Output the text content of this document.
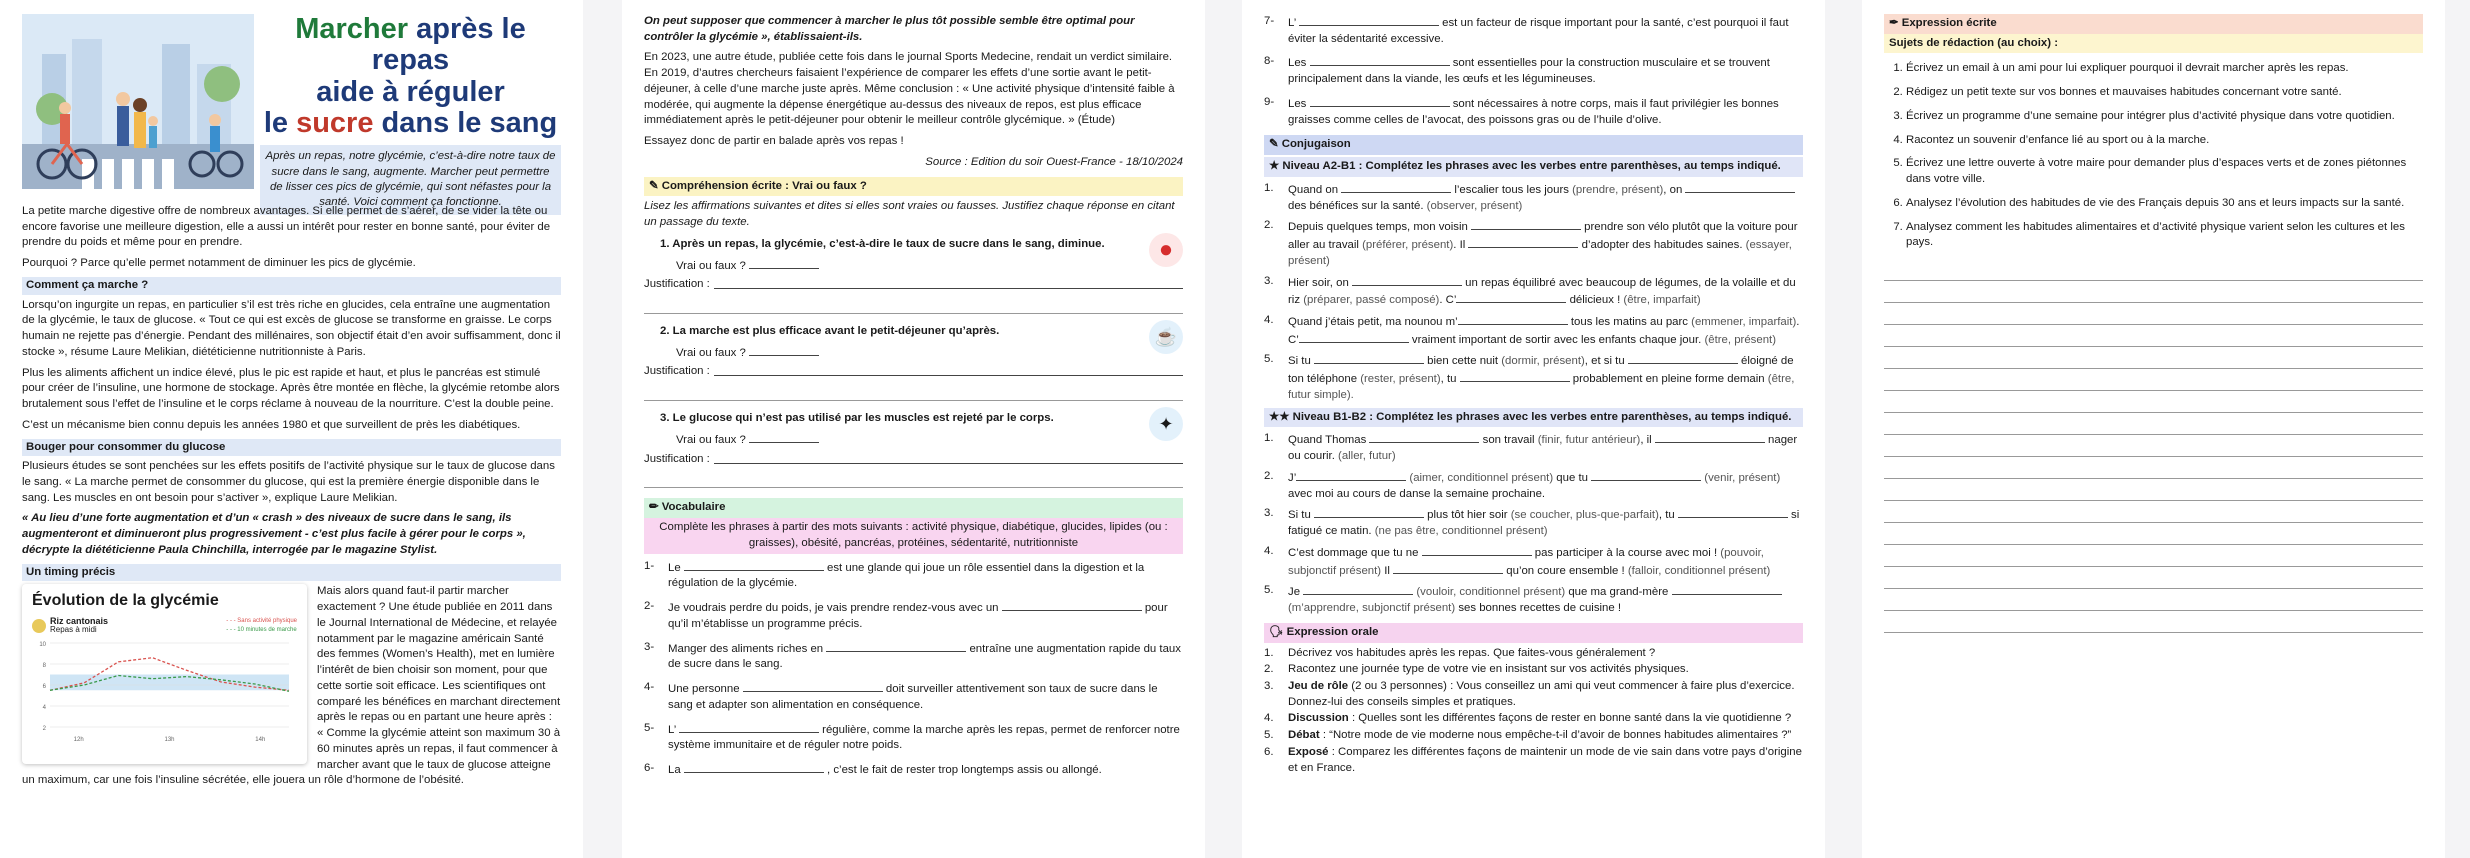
Marcher après le repas
aide à réguler
le sucre dans le sang
Après un repas, notre glycémie, c’est-à-dire notre taux de sucre dans le sang, augmente. Marcher peut permettre de lisser ces pics de glycémie, qui sont néfastes pour la santé. Voici comment ça fonctionne.

La petite marche digestive offre de nombreux avantages. Si elle permet de s’aérer, de se vider la tête ou encore favorise une meilleure digestion, elle a aussi un intérêt pour rester en bonne santé, pour éviter de prendre du poids et même pour en prendre.

Pourquoi ? Parce qu’elle permet notamment de diminuer les pics de glycémie.

Comment ça marche ?

Lorsqu’on ingurgite un repas, en particulier s’il est très riche en glucides, cela entraîne une augmentation de la glycémie, le taux de glucose. « Tout ce qui est excès de glucose se transforme en graisse. Le corps humain ne rejette pas d’énergie. Pendant des millénaires, son objectif était d’en avoir suffisamment, donc il stocke », résume Laure Melikian, diététicienne nutritionniste à Paris.

Plus les aliments affichent un indice élevé, plus le pic est rapide et haut, et plus le pancréas est stimulé pour créer de l’insuline, une hormone de stockage. Après être montée en flèche, la glycémie retombe alors brutalement sous l’effet de l’insuline et le corps réclame à nouveau de la nourriture. C’est la double peine.

C’est un mécanisme bien connu depuis les années 1980 et que surveillent de près les diabétiques.

Bouger pour consommer du glucose

Plusieurs études se sont penchées sur les effets positifs de l’activité physique sur le taux de glucose dans le sang. « La marche permet de consommer du glucose, qui est la première énergie disponible dans le sang. Les muscles en ont besoin pour s’activer », explique Laure Melikian.

« Au lieu d’une forte augmentation et d’un « crash » des niveaux de sucre dans le sang, ils augmenteront et diminueront plus progressivement - c’est plus facile à gérer pour le corps », décrypte la diététicienne Paula Chinchilla, interrogée par le magazine Stylist.

Un timing précis
Évolution de la glycémie
Riz cantonais
Repas à midi
- - - Sans activité physique
- - - 10 minutes de marche
2
4
6
8
10
12h	13h	14h

Mais alors quand faut-il partir marcher exactement ? Une étude publiée en 2011 dans le Journal International de Médecine, et relayée notamment par le magazine américain Santé des femmes (Women’s Health), met en lumière l’intérêt de bien choisir son moment, pour que cette sortie soit efficace. Les scientifiques ont comparé les bénéfices en marchant directement après le repas ou en partant une heure après : « Comme la glycémie atteint son maximum 30 à 60 minutes après un repas, il faut commencer à marcher avant que le taux de glucose atteigne un maximum, car une fois l’insuline sécrétée, elle jouera un rôle d’hormone de l’obésité.

On peut supposer que commencer à marcher le plus tôt possible semble être optimal pour contrôler la glycémie », établissaient-ils.

En 2023, une autre étude, publiée cette fois dans le journal Sports Medecine, rendait un verdict similaire. En 2019, d’autres chercheurs faisaient l’expérience de comparer les effets d’une sortie avant le petit-déjeuner, à celle d’une marche juste après. Même conclusion : « Une activité physique d’intensité faible à modérée, qui augmente la dépense énergétique au-dessus des niveaux de repos, est plus efficace immédiatement après le petit-déjeuner pour obtenir le meilleur contrôle glycémique. » (Étude)

Essayez donc de partir en balade après vos repas !

Source : Edition du soir Ouest-France - 18/10/2024

✎ Compréhension écrite : Vrai ou faux ?

Lisez les affirmations suivantes et dites si elles sont vraies ou fausses. Justifiez chaque réponse en citant un passage du texte.

1. Après un repas, la glycémie, c’est-à-dire le taux de sucre dans le sang, diminue.
Vrai ou faux ?
Justification :
●
2. La marche est plus efficace avant le petit-déjeuner qu’après.
Vrai ou faux ?
Justification :
☕
3. Le glucose qui n’est pas utilisé par les muscles est rejeté par le corps.
Vrai ou faux ?
Justification :
✦
✏ Vocabulaire
Complète les phrases à partir des mots suivants : activité physique, diabétique, glucides, lipides (ou : graisses), obésité, pancréas, protéines, sédentarité, nutritionniste
1-	Le	est une glande qui joue un rôle essentiel dans la digestion et la régulation de la glycémie.
2-	Je voudrais perdre du poids, je vais prendre rendez-vous avec un	pour qu’il m’établisse un programme précis.
3-	Manger des aliments riches en	entraîne une augmentation rapide du taux de sucre dans le sang.
4-	Une personne	doit surveiller attentivement son taux de sucre dans le sang et adapter son alimentation en conséquence.
5-	L’	régulière, comme la marche après les repas, permet de renforcer notre système immunitaire et de réguler notre poids.
6-	La	, c’est le fait de rester trop longtemps assis ou allongé.
7-	L’	est un facteur de risque important pour la santé, c’est pourquoi il faut éviter la sédentarité excessive.
8-	Les	sont essentielles pour la construction musculaire et se trouvent principalement dans la viande, les œufs et les légumineuses.
9-	Les	sont nécessaires à notre corps, mais il faut privilégier les bonnes graisses comme celles de l’avocat, des poissons gras ou de l’huile d’olive.
✎ Conjugaison
★ Niveau A2-B1 : Complétez les phrases avec les verbes entre parenthèses, au temps indiqué.
1.	Quand on	l’escalier tous les jours (prendre, présent), on  des bénéfices sur la santé. (observer, présent)
2.	Depuis quelques temps, mon voisin	prendre son vélo plutôt que la voiture pour aller au travail (préférer, présent). Il	d’adopter des habitudes saines. (essayer, présent)
3.	Hier soir, on	un repas équilibré avec beaucoup de légumes, de la volaille et du riz (préparer, passé composé). C’	délicieux ! (être, imparfait)
4.	Quand j’étais petit, ma nounou m’	tous les matins au parc (emmener, imparfait). C’	vraiment important de sortir avec les enfants chaque jour. (être, présent)
5.	Si tu	bien cette nuit (dormir, présent), et si tu	éloigné de ton téléphone (rester, présent), tu	probablement en pleine forme demain (être, futur simple).
★★ Niveau B1-B2 : Complétez les phrases avec les verbes entre parenthèses, au temps indiqué.
1.	Quand Thomas	son travail (finir, futur antérieur), il	nager ou courir. (aller, futur)
2.	J’	(aimer, conditionnel présent) que tu	(venir, présent) avec moi au cours de danse la semaine prochaine.
3.	Si tu	plus tôt hier soir (se coucher, plus-que-parfait), tu	si fatigué ce matin. (ne pas être, conditionnel présent)
4.	C’est dommage que tu ne	pas participer à la course avec moi ! (pouvoir, subjonctif présent) Il	qu’on coure ensemble ! (falloir, conditionnel présent)
5.	Je	(vouloir, conditionnel présent) que ma grand-mère  (m’apprendre, subjonctif présent) ses bonnes recettes de cuisine !
🗣 Expression orale
1.	Décrivez vos habitudes après les repas. Que faites-vous généralement ?
2.	Racontez une journée type de votre vie en insistant sur vos activités physiques.
3.	Jeu de rôle (2 ou 3 personnes) : Vous conseillez un ami qui veut commencer à faire plus d’exercice. Donnez-lui des conseils simples et pratiques.
4.	Discussion : Quelles sont les différentes façons de rester en bonne santé dans la vie quotidienne ?
5.	Débat : “Notre mode de vie moderne nous empêche-t-il d’avoir de bonnes habitudes alimentaires ?”
6.	Exposé : Comparez les différentes façons de maintenir un mode de vie sain dans votre pays d’origine et en France.
✒ Expression écrite
Sujets de rédaction (au choix) :
1. Écrivez un email à un ami pour lui expliquer pourquoi il devrait marcher après les repas.
2. Rédigez un petit texte sur vos bonnes et mauvaises habitudes concernant votre santé.
3. Écrivez un programme d’une semaine pour intégrer plus d’activité physique dans votre quotidien.
4. Racontez un souvenir d’enfance lié au sport ou à la marche.
5. Écrivez une lettre ouverte à votre maire pour demander plus d’espaces verts et de zones piétonnes dans votre ville.
6. Analysez l’évolution des habitudes de vie des Français depuis 30 ans et leurs impacts sur la santé.
7. Analysez comment les habitudes alimentaires et d’activité physique varient selon les cultures et les pays.
